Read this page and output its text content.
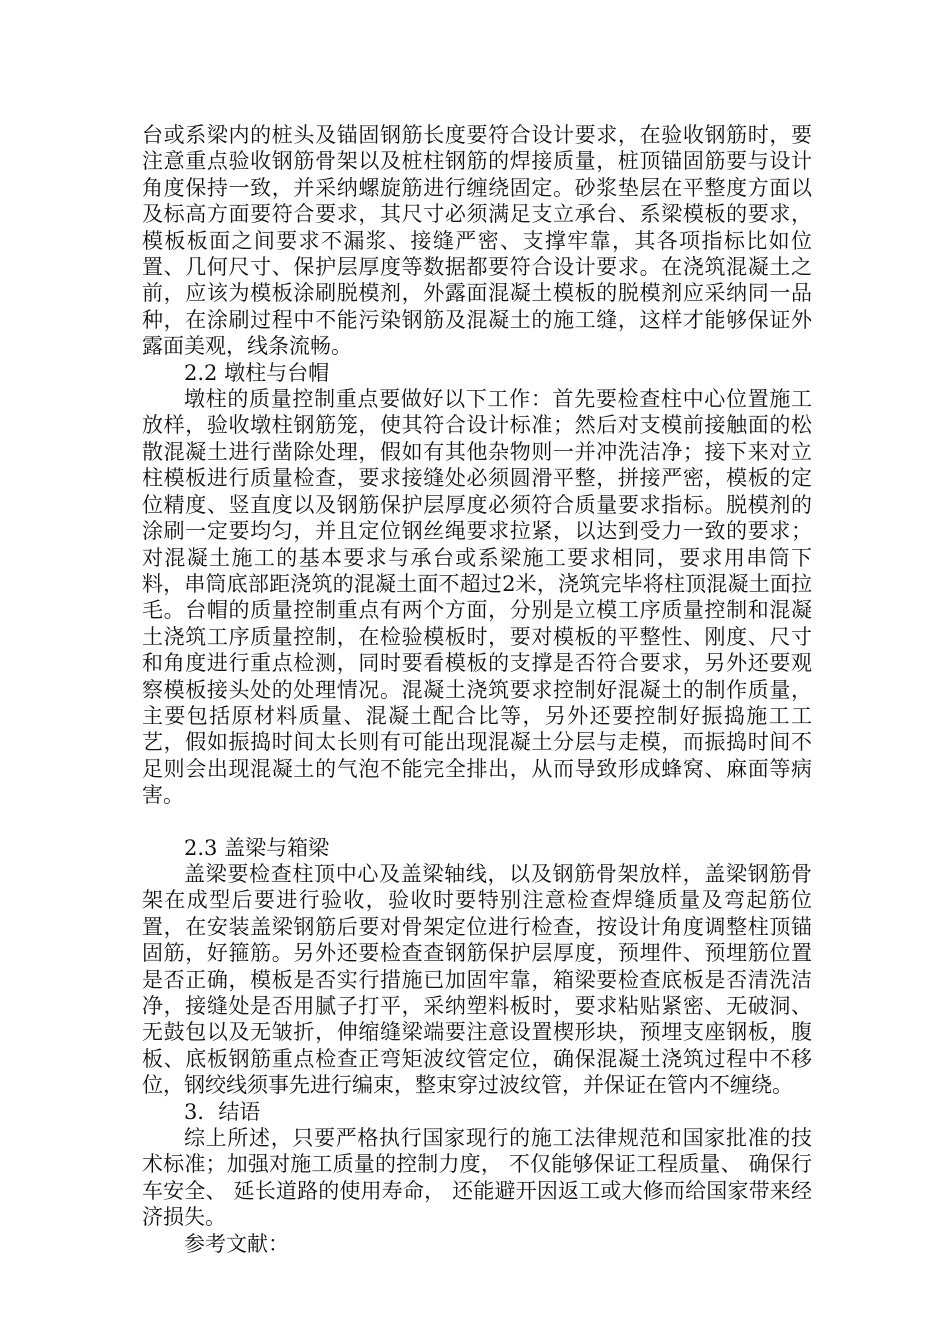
台或系梁内的桩头及锚固钢筋长度要符合设计要求，在验收钢筋时，要注意重点验收钢筋骨架以及桩柱钢筋的焊接质量，桩顶锚固筋要与设计角度保持一致，并采纳螺旋筋进行缠绕固定。砂浆垫层在平整度方面以及标高方面要符合要求，其尺寸必须满足支立承台、系梁模板的要求，模板板面之间要求不漏浆、接缝严密、支撑牢靠，其各项指标比如位置、几何尺寸、保护层厚度等数据都要符合设计要求。在浇筑混凝土之前，应该为模板涂刷脱模剂，外露面混凝土模板的脱模剂应采纳同一品种，在涂刷过程中不能污染钢筋及混凝土的施工缝，这样才能够保证外露面美观，线条流畅。

2.2 墩柱与台帽

墩柱的质量控制重点要做好以下工作：首先要检查柱中心位置施工放样，验收墩柱钢筋笼，使其符合设计标准；然后对支模前接触面的松散混凝土进行凿除处理，假如有其他杂物则一并冲洗洁净；接下来对立柱模板进行质量检查，要求接缝处必须圆滑平整，拼接严密，模板的定位精度、竖直度以及钢筋保护层厚度必须符合质量要求指标。脱模剂的涂刷一定要均匀，并且定位钢丝绳要求拉紧，以达到受力一致的要求；对混凝土施工的基本要求与承台或系梁施工要求相同，要求用串筒下料，串筒底部距浇筑的混凝土面不超过2米，浇筑完毕将柱顶混凝土面拉毛。台帽的质量控制重点有两个方面，分别是立模工序质量控制和混凝土浇筑工序质量控制，在检验模板时，要对模板的平整性、刚度、尺寸和角度进行重点检测，同时要看模板的支撑是否符合要求，另外还要观察模板接头处的处理情况。混凝土浇筑要求控制好混凝土的制作质量，主要包括原材料质量、混凝土配合比等，另外还要控制好振捣施工工艺，假如振捣时间太长则有可能出现混凝土分层与走模，而振捣时间不足则会出现混凝土的气泡不能完全排出，从而导致形成蜂窝、麻面等病害。

2.3 盖梁与箱梁

盖梁要检查柱顶中心及盖梁轴线，以及钢筋骨架放样，盖梁钢筋骨架在成型后要进行验收，验收时要特别注意检查焊缝质量及弯起筋位置，在安装盖梁钢筋后要对骨架定位进行检查，按设计角度调整柱顶锚固筋，好箍筋。另外还要检查查钢筋保护层厚度，预埋件、预埋筋位置是否正确，模板是否实行措施已加固牢靠，箱梁要检查底板是否清洗洁净，接缝处是否用腻子打平，采纳塑料板时，要求粘贴紧密、无破洞、无鼓包以及无皱折，伸缩缝梁端要注意设置楔形块，预埋支座钢板，腹板、底板钢筋重点检查正弯矩波纹管定位，确保混凝土浇筑过程中不移位，钢绞线须事先进行编束，整束穿过波纹管，并保证在管内不缠绕。

3．结语

综上所述，只要严格执行国家现行的施工法律规范和国家批准的技术标准；加强对施工质量的控制力度， 不仅能够保证工程质量、 确保行车安全、 延长道路的使用寿命， 还能避开因返工或大修而给国家带来经济损失。

参考文献：
